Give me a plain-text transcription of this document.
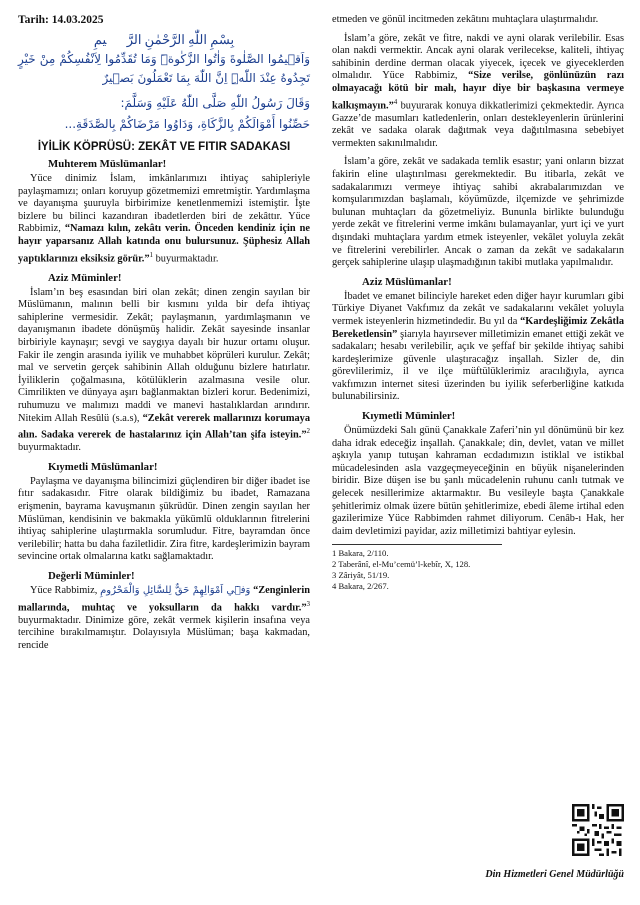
Tarih: 14.03.2025
بِسْمِ اللّٰهِ الرَّحْمٰنِ الرَّح۪يمِ
وَاَق۪يمُوا الصَّلٰوةَ وَاٰتُوا الزَّكٰوةَۜ وَمَا تُقَدِّمُوا لِاَنْفُسِكُمْ مِنْ خَيْرٍ تَجِدُوهُ عِنْدَ اللّٰهِۜ اِنَّ اللّٰهَ بِمَا تَعْمَلُونَ بَص۪يرٌ
وَقَالَ رَسُولُ اللّٰهِ صَلَّى اللّٰهُ عَلَيْهِ وَسَلَّمَ:
حَصِّنُوا أَمْوَالَكُمْ بِالزَّكَاةِ، وَدَاوُوا مَرْضَاكُمْ بِالصَّدَقَةِ...
İYİLİK KÖPRÜSÜ: ZEKÂT VE FITIR SADAKASI
Muhterem Müslümanlar!

Yüce dinimiz İslam, imkânlarımızı ihtiyaç sahipleriyle paylaşmamızı; onları koruyup gözetmemizi emretmiştir. Yardımlaşma ve dayanışma şuuruyla birbirimize kenetlenmemizi istemiştir. İşte bizlere bu bilinci kazandıran ibadetlerden biri de zekâttır. Yüce Rabbimiz, “Namazı kılın, zekâtı verin. Önceden kendiniz için ne hayır yaparsanız Allah katında onu bulursunuz. Şüphesiz Allah yaptıklarınızı eksiksiz görür.”$^1$ buyurmaktadır.

Aziz Müminler!

İslam’ın beş esasından biri olan zekât; dinen zengin sayılan bir Müslümanın, malının belli bir kısmını yılda bir defa ihtiyaç sahiplerine vermesidir. Zekât; paylaşmanın, yardımlaşmanın ve dayanışmanın ibadete dönüşmüş halidir. Zekât sayesinde insanlar birbiriyle kaynaşır; sevgi ve saygıya dayalı bir huzur ortamı oluşur. Fakir ile zengin arasında iyilik ve muhabbet köprüleri kurulur. Zekât; mal ve servetin gerçek sahibinin Allah olduğunu bizlere hatırlatır. İyiliklerin çoğalmasına, kötülüklerin azalmasına vesile olur. Cimrilikten ve dünyaya aşırı bağlanmaktan bizleri korur. Bedenimizi, ruhumuzu ve malımızı maddi ve manevi hastalıklardan arındırır. Nitekim Allah Resûlü (s.a.s), “Zekât vererek mallarınızı korumaya alın. Sadaka vererek de hastalarınız için Allah’tan şifa isteyin.”$^2$ buyurmaktadır.

Kıymetli Müslümanlar!

Paylaşma ve dayanışma bilincimizi güçlendiren bir diğer ibadet ise fıtır sadakasıdır. Fitre olarak bildiğimiz bu ibadet, Ramazana erişmenin, bayrama kavuşmanın şükrüdür. Dinen zengin sayılan her Müslüman, kendisinin ve bakmakla yükümlü olduklarının fitrelerini ihtiyaç sahiplerine ulaştırmakla sorumludur. Fitre, bayramdan önce verilebilir; hatta bu daha faziletlidir. Zira fitre, kardeşlerimizin bayram sevincine ortak olmalarına katkı sağlamaktadır.

Değerli Müminler!

Yüce Rabbimiz, وَف۪ٓي اَمْوَالِهِمْ حَقٌّ لِلسَّٓائِلِ وَالْمَحْرُومِ “Zenginlerin mallarında, muhtaç ve yoksulların da hakkı vardır.”$^3$ buyurmaktadır. Dinimize göre, zekât vermek kişilerin insafına veya tercihine bırakılmamıştır. Dolayısıyla Müslüman; başa kakmadan, rencide

etmeden ve gönül incitmeden zekâtını muhtaçlara ulaştırmalıdır.

İslam’a göre, zekât ve fitre, nakdi ve ayni olarak verilebilir. Esas olan nakdi vermektir. Ancak ayni olarak verilecekse, kaliteli, ihtiyaç sahibinin derdine derman olacak yiyecek, içecek ve giyeceklerden olmalıdır. Yüce Rabbimiz, “Size verilse, gönlünüzün razı olmayacağı kötü bir malı, hayır diye bir başkasına vermeye kalkışmayın.”$^4$ buyurarak konuya dikkatlerimizi çekmektedir. Ayrıca Gazze’de masumları katledenlerin, onları destekleyenlerin ürünlerini zekât ve sadaka olarak dağıtmak veya dağıtılmasına sebebiyet vermekten sakınılmalıdır.

İslam’a göre, zekât ve sadakada temlik esastır; yani onların bizzat fakirin eline ulaştırılması gerekmektedir. Bu itibarla, zekât ve sadakalarımızı vermeye ihtiyaç sahibi akrabalarımızdan ve komşularımızdan başlamalı, köyümüzde, ilçemizde ve şehrimizde bulunan muhtaçları da gözetmeliyiz. Bununla birlikte bulunduğu yerde zekât ve fitrelerini verme imkânı bulamayanlar, yurt içi ve yurt dışındaki muhtaçlara yardım etmek isteyenler, vekâlet yoluyla zekât ve fitrelerini verebilirler. Ancak o zaman da zekât ve sadakaların gerçek sahiplerine ulaşıp ulaşmadığının takibi mutlaka yapılmalıdır.

Aziz Müslümanlar!

İbadet ve emanet bilinciyle hareket eden diğer hayır kurumları gibi Türkiye Diyanet Vakfımız da zekât ve sadakalarını vekâlet yoluyla vermek isteyenlerin hizmetindedir. Bu yıl da “Kardeşliğimiz Zekâtla Bereketlensin” şiarıyla hayırsever milletimizin emanet ettiği zekât ve sadakaları; hesabı verilebilir, açık ve şeffaf bir şekilde ihtiyaç sahibi kardeşlerimize güvenle ulaştıracağız inşallah. Sizler de, din görevlilerimiz, il ve ilçe müftülüklerimiz aracılığıyla, ayrıca vakfımızın internet sitesi üzerinden bu iyilik seferberliğine katkıda bulunabilirsiniz.

Kıymetli Müminler!

Önümüzdeki Salı günü Çanakkale Zaferi’nin yıl dönümünü bir kez daha idrak edeceğiz inşallah. Çanakkale; din, devlet, vatan ve millet aşkıyla yanıp tutuşan kahraman ecdadımızın istiklal ve istikbal mücadelesinden asla vazgeçmeyeceğinin en büyük nişanelerinden biridir. Bize düşen ise bu şanlı mücadelenin ruhunu canlı tutmak ve gelecek nesillerimize aktarmaktır. Bu vesileyle başta Çanakkale şehitlerimiz olmak üzere bütün şehitlerimize, ebedi âleme irtihal eden gazilerimize Yüce Rabbimden rahmet diliyorum. Cenâb-ı Hak, her daim devletimizi payidar, aziz milletimizi bahtiyar eylesin.

1 Bakara, 2/110.
2 Taberânî, el-Mu’cemü’l-kebîr, X, 128.
3 Zâriyât, 51/19.
4 Bakara, 2/267.
Din Hizmetleri Genel Müdürlüğü
